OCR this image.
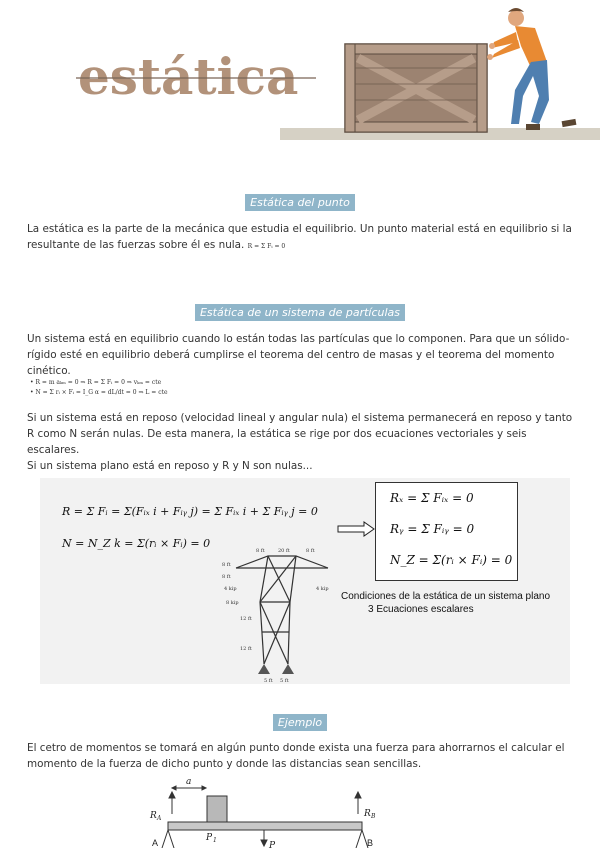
estática
Estática del punto

La estática es la parte de la mecánica que estudia el equilibrio. Un punto material está en equilibrio si la resultante de las fuerzas sobre él es nula. R = Σ Fᵢ = 0

Estática de un sistema de partículas

Un sistema está en equilibrio cuando lo están todas las partículas que lo componen. Para que un sólido-rígido esté en equilibrio deberá cumplirse el teorema del centro de masas y el teorema del momento cinético.

• R = m aₖₘ = 0 ⇒ R = Σ Fᵢ = 0 ⇒ vₖₘ = cte
• N = Σ rᵢ × Fᵢ = I_G α = dL/dt = 0 ⇒ L = cte

Si un sistema está en reposo (velocidad lineal y angular nula) el sistema permanecerá en reposo y tanto R como N serán nulas. De esta manera, la estática se rige por dos ecuaciones vectoriales y seis escalares.

Si un sistema plano está en reposo y R y N son nulas...

R = Σ Fᵢ = Σ(Fᵢₓ i + Fᵢᵧ j) = Σ Fᵢₓ i + Σ Fᵢᵧ j = 0
N = N_Z k = Σ(rᵢ × Fᵢ) = 0
Rₓ = Σ Fᵢₓ = 0
Rᵧ = Σ Fᵢᵧ = 0
N_Z = Σ(rᵢ × Fᵢ) = 0
Condiciones de la estática de un sistema plano
3 Ecuaciones escalares
8 ft	20 ft	8 ft
8 ft
8 ft
12 ft
12 ft
5 ft 5 ft
4 kip
8 kip
4 kip
Ejemplo

El cetro de momentos se tomará en algún punto donde exista una fuerza para ahorrarnos el calcular el momento de la fuerza de dicho punto y donde las distancias sean sencillas.

a
R A	R B
P 1
P
A	B
